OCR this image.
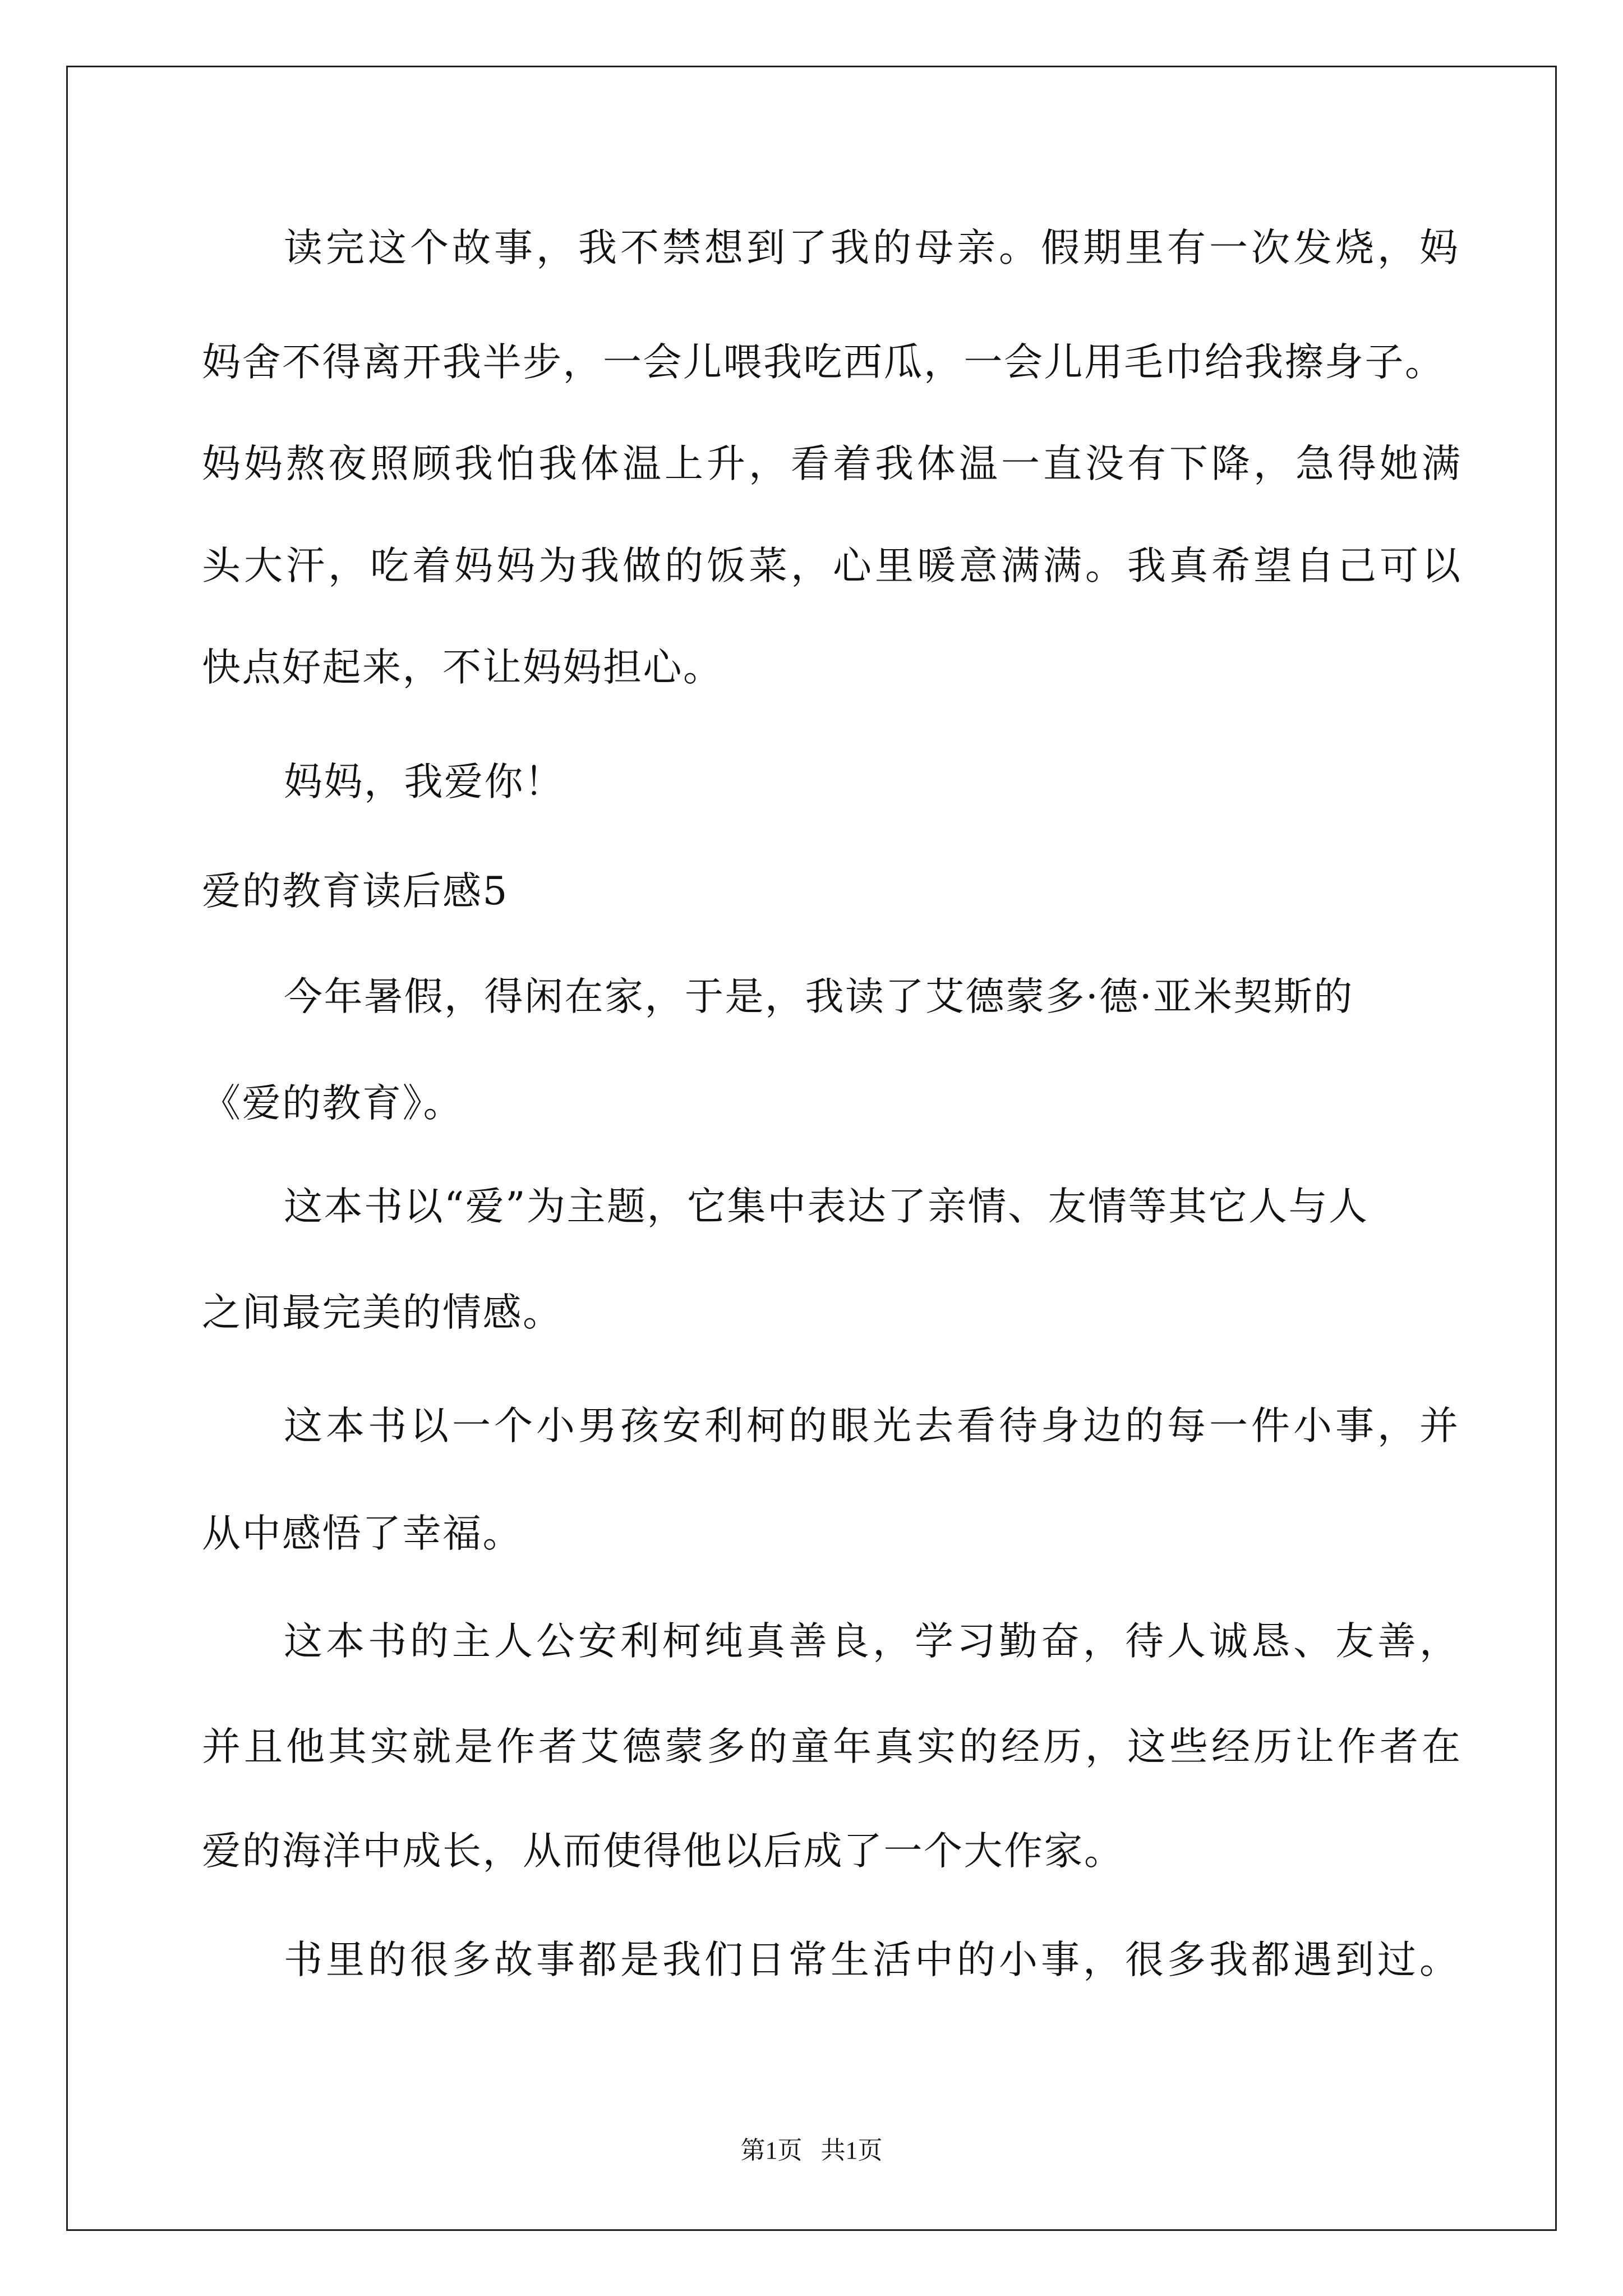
读完这个故事，我不禁想到了我的母亲。假期里有一次发烧，妈
妈舍不得离开我半步，一会儿喂我吃西瓜，一会儿用毛巾给我擦身子。
妈妈熬夜照顾我怕我体温上升，看着我体温一直没有下降，急得她满
头大汗，吃着妈妈为我做的饭菜，心里暖意满满。我真希望自己可以
快点好起来，不让妈妈担心。
妈妈，我爱你！
爱的教育读后感5
今年暑假，得闲在家，于是，我读了艾德蒙多·德·亚米契斯的
《爱的教育》。
这本书以“爱”为主题，它集中表达了亲情、友情等其它人与人
之间最完美的情感。
这本书以一个小男孩安利柯的眼光去看待身边的每一件小事，并
从中感悟了幸福。
这本书的主人公安利柯纯真善良，学习勤奋，待人诚恳、友善，
并且他其实就是作者艾德蒙多的童年真实的经历，这些经历让作者在
爱的海洋中成长，从而使得他以后成了一个大作家。
书里的很多故事都是我们日常生活中的小事，很多我都遇到过。
第1页   共1页
